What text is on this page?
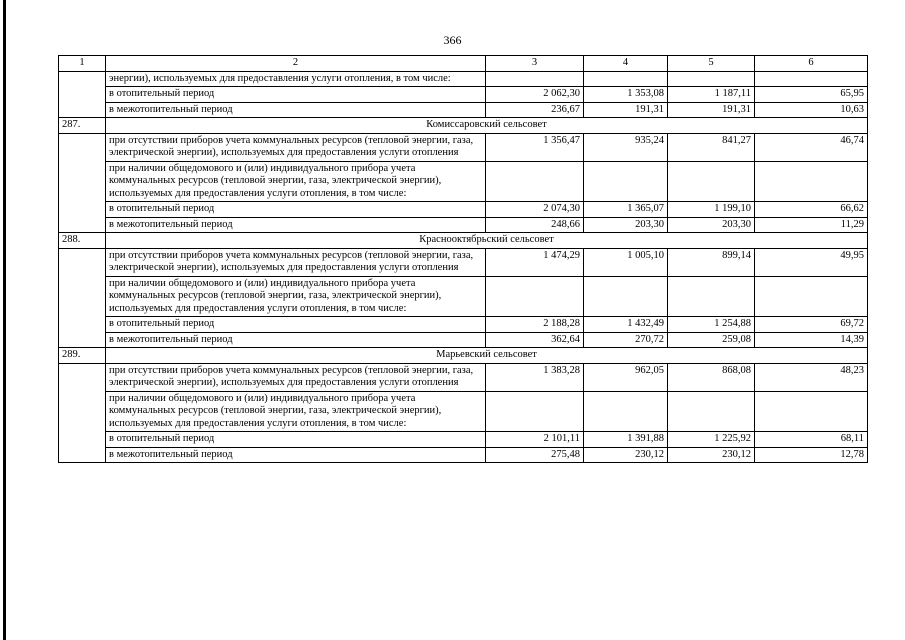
366
1	2	3	4	5	6
	энергии), используемых для предоставления услуги отопления, в том числе:				
	в отопительный период	2 062,30	1 353,08	1 187,11	65,95
	в межотопительный период	236,67	191,31	191,31	10,63
287.	Комиссаровский сельсовет				
	при отсутствии приборов учета коммунальных ресурсов (тепловой энергии, газа, электрической энергии), используемых для предоставления услуги отопления	1 356,47	935,24	841,27	46,74
	при наличии общедомового и (или) индивидуального прибора учета коммунальных ресурсов (тепловой энергии, газа, электрической энергии), используемых для предоставления услуги отопления, в том числе:				
	в отопительный период	2 074,30	1 365,07	1 199,10	66,62
	в межотопительный период	248,66	203,30	203,30	11,29
288.	Краснооктябрьский сельсовет				
	при отсутствии приборов учета коммунальных ресурсов (тепловой энергии, газа, электрической энергии), используемых для предоставления услуги отопления	1 474,29	1 005,10	899,14	49,95
	при наличии общедомового и (или) индивидуального прибора учета коммунальных ресурсов (тепловой энергии, газа, электрической энергии), используемых для предоставления услуги отопления, в том числе:				
	в отопительный период	2 188,28	1 432,49	1 254,88	69,72
	в межотопительный период	362,64	270,72	259,08	14,39
289.	Марьевский сельсовет				
	при отсутствии приборов учета коммунальных ресурсов (тепловой энергии, газа, электрической энергии), используемых для предоставления услуги отопления	1 383,28	962,05	868,08	48,23
	при наличии общедомового и (или) индивидуального прибора учета коммунальных ресурсов (тепловой энергии, газа, электрической энергии), используемых для предоставления услуги отопления, в том числе:				
	в отопительный период	2 101,11	1 391,88	1 225,92	68,11
	в межотопительный период	275,48	230,12	230,12	12,78
